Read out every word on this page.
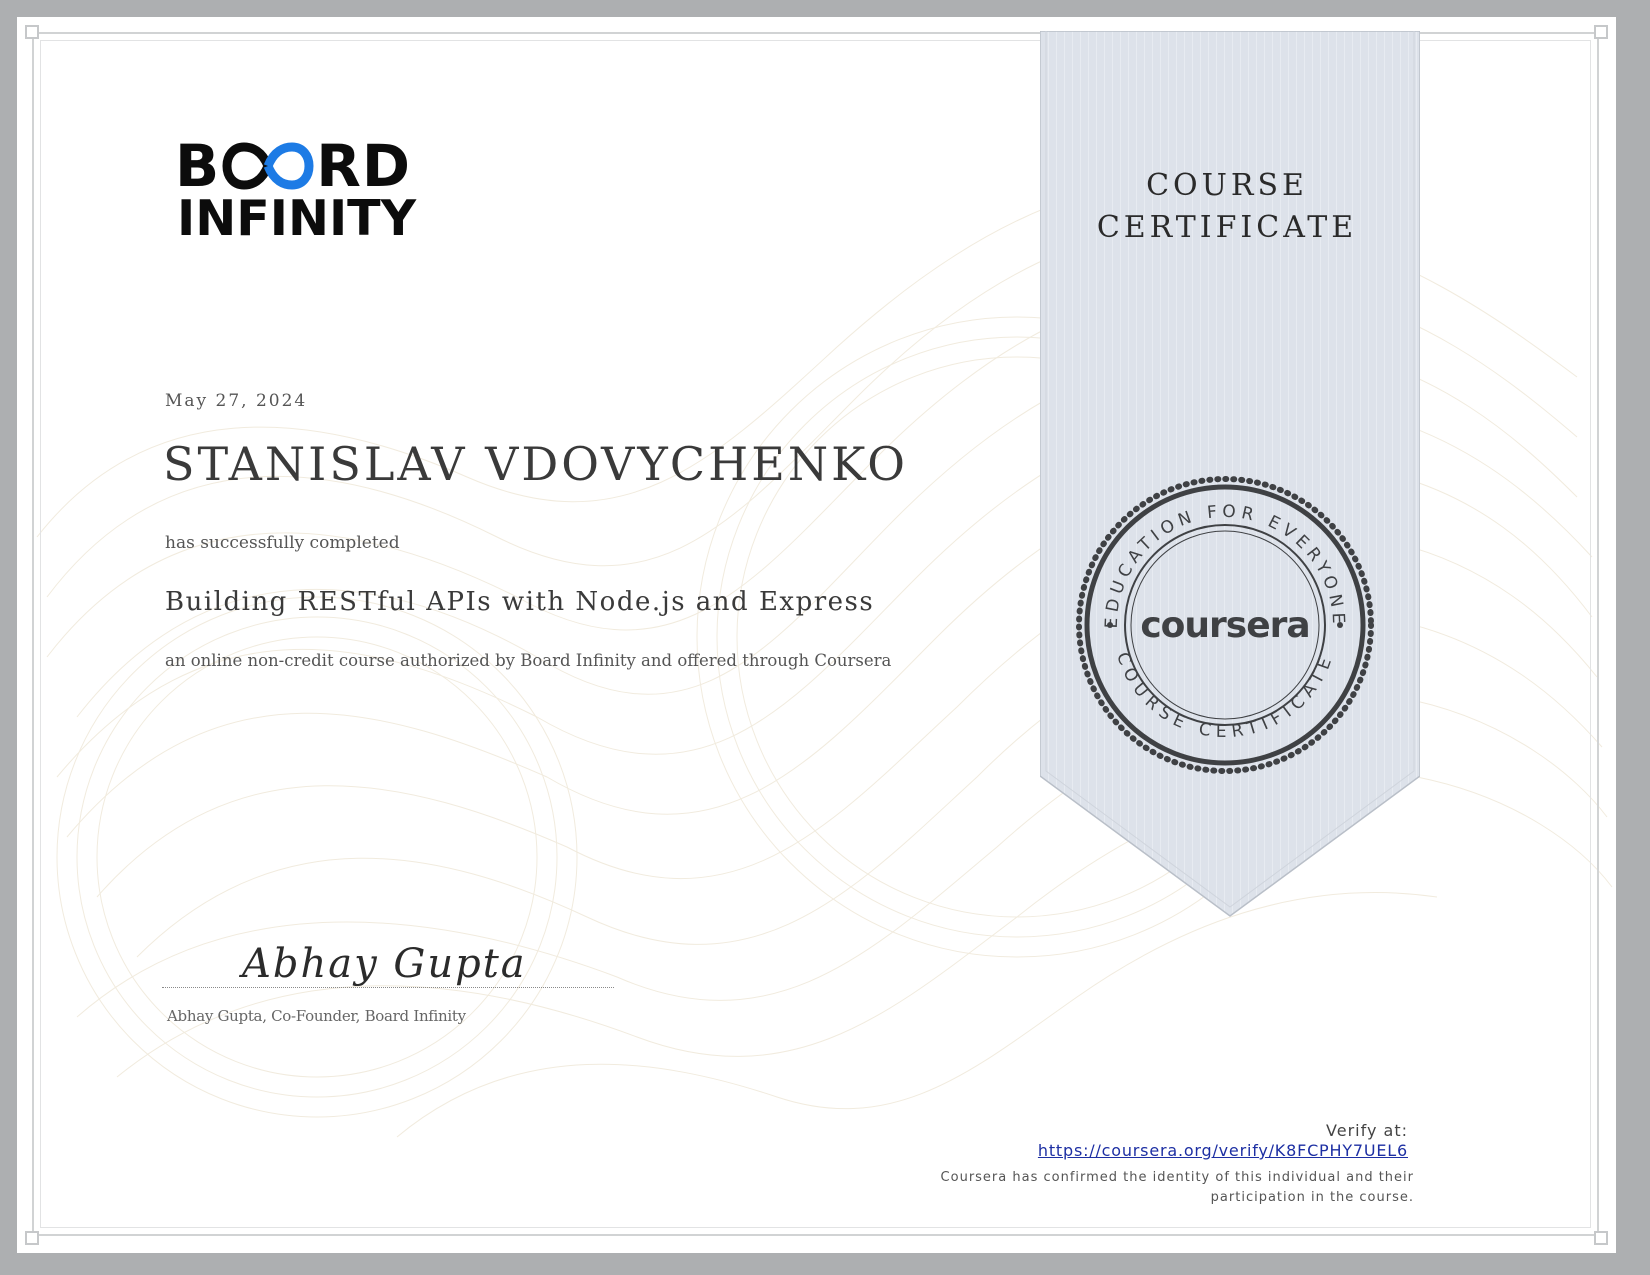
B RD
INFINITY
May 27, 2024
STANISLAV VDOVYCHENKO
has successfully completed
Building RESTful APIs with Node.js and Express
an online non-credit course authorized by Board Infinity and offered through Coursera
Abhay Gupta
Abhay Gupta, Co-Founder, Board Infinity
COURSE
CERTIFICATE
EDUCATION FOR EVERYONE
COURSE CERTIFICATE
coursera
Verify at:
https://coursera.org/verify/K8FCPHY7UEL6
Coursera has confirmed the identity of this individual and their
participation in the course.
